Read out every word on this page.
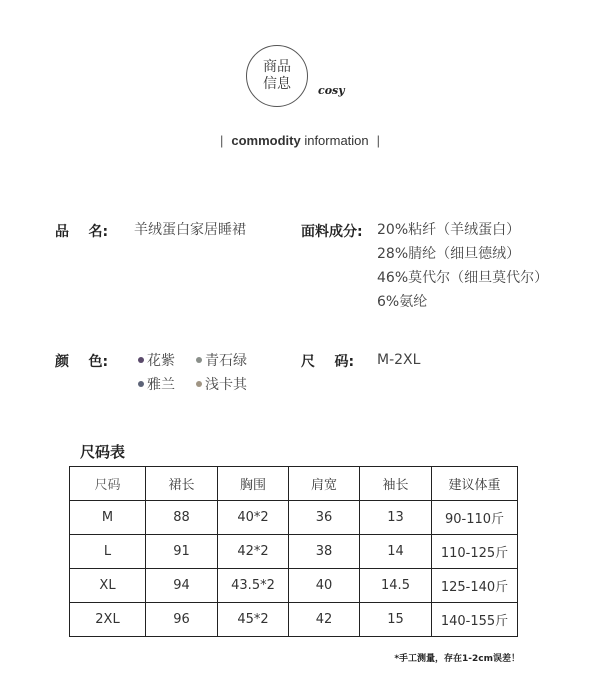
商品
信息 cosy
| commodity information |
品    名: 羊绒蛋白家居睡裙	面料成分: 20%粘纤（羊绒蛋白）
28%腈纶（细旦德绒）
46%莫代尔（细旦莫代尔）
6%氨纶
颜    色:	花紫 青石绿
雅兰 浅卡其
尺    码: M-2XL
尺码表
尺码	裙长	胸围	肩宽	袖长	建议体重
M	88	40*2	36	13	90-110斤
L	91	42*2	38	14	110-125斤
XL	94	43.5*2	40	14.5	125-140斤
2XL	96	45*2	42	15	140-155斤
*手工测量，存在1-2cm误差！
